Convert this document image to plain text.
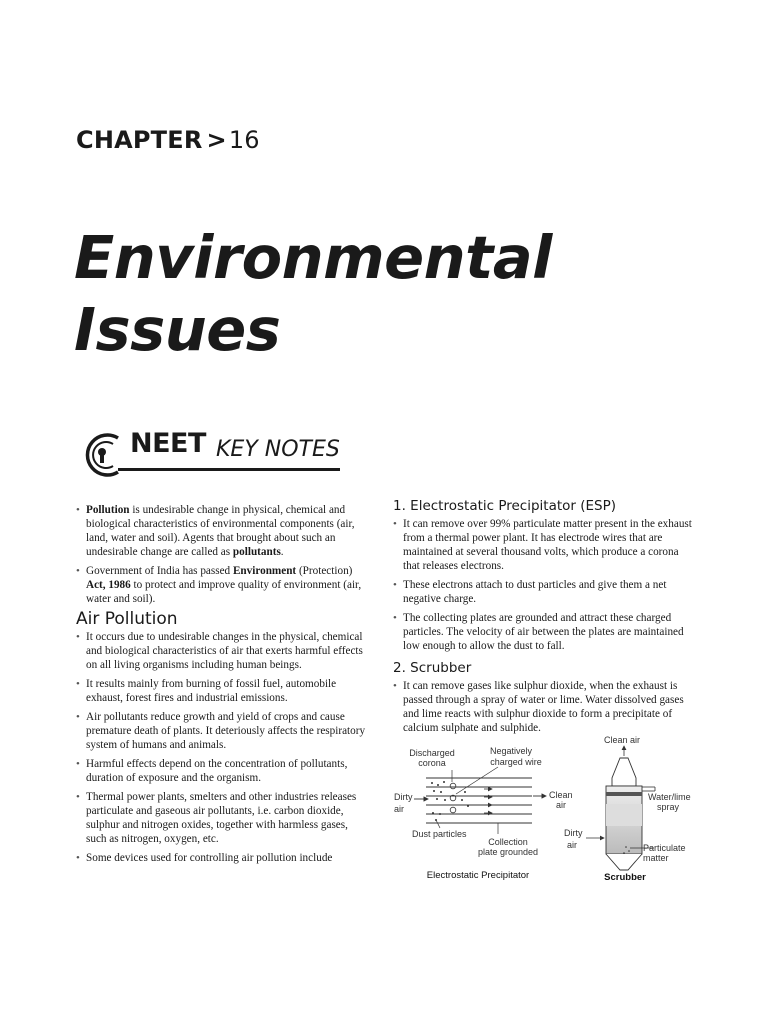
CHAPTER >16
Environmental
Issues
NEET KEY NOTES
• Pollution is undesirable change in physical, chemical and biological characteristics of environmental components (air, land, water and soil). Agents that brought about such an undesirable change are called as pollutants.
• Government of India has passed Environment (Protection) Act, 1986 to protect and improve quality of environment (air, water and soil).
Air Pollution
• It occurs due to undesirable changes in the physical, chemical and biological characteristics of air that exerts harmful effects on all living organisms including human beings.
• It results mainly from burning of fossil fuel, automobile exhaust, forest fires and industrial emissions.
• Air pollutants reduce growth and yield of crops and cause premature death of plants. It deteriously affects the respiratory system of humans and animals.
• Harmful effects depend on the concentration of pollutants, duration of exposure and the organism.
• Thermal power plants, smelters and other industries releases particulate and gaseous air pollutants, i.e. carbon dioxide, sulphur and nitrogen oxides, together with harmless gases, such as nitrogen, oxygen, etc.
• Some devices used for controlling air pollution include
1. Electrostatic Precipitator (ESP)
• It can remove over 99% particulate matter present in the exhaust from a thermal power plant. It has electrode wires that are maintained at several thousand volts, which produce a corona that releases electrons.
• These electrons attach to dust particles and give them a net negative charge.
• The collecting plates are grounded and attract these charged particles. The velocity of air between the plates are maintained low enough to allow the dust to fall.
2. Scrubber
• It can remove gases like sulphur dioxide, when the exhaust is passed through a spray of water or lime. Water dissolved gases and lime reacts with sulphur dioxide to form a precipitate of calcium sulphate and sulphide.
Discharged
corona
Negatively
charged wire
Dirty
air
Clean
air
Dust particles
Collection
plate grounded
Electrostatic Precipitator
Clean air
Water/lime
spray
Dirty
air	Particulate
matter
Scrubber
